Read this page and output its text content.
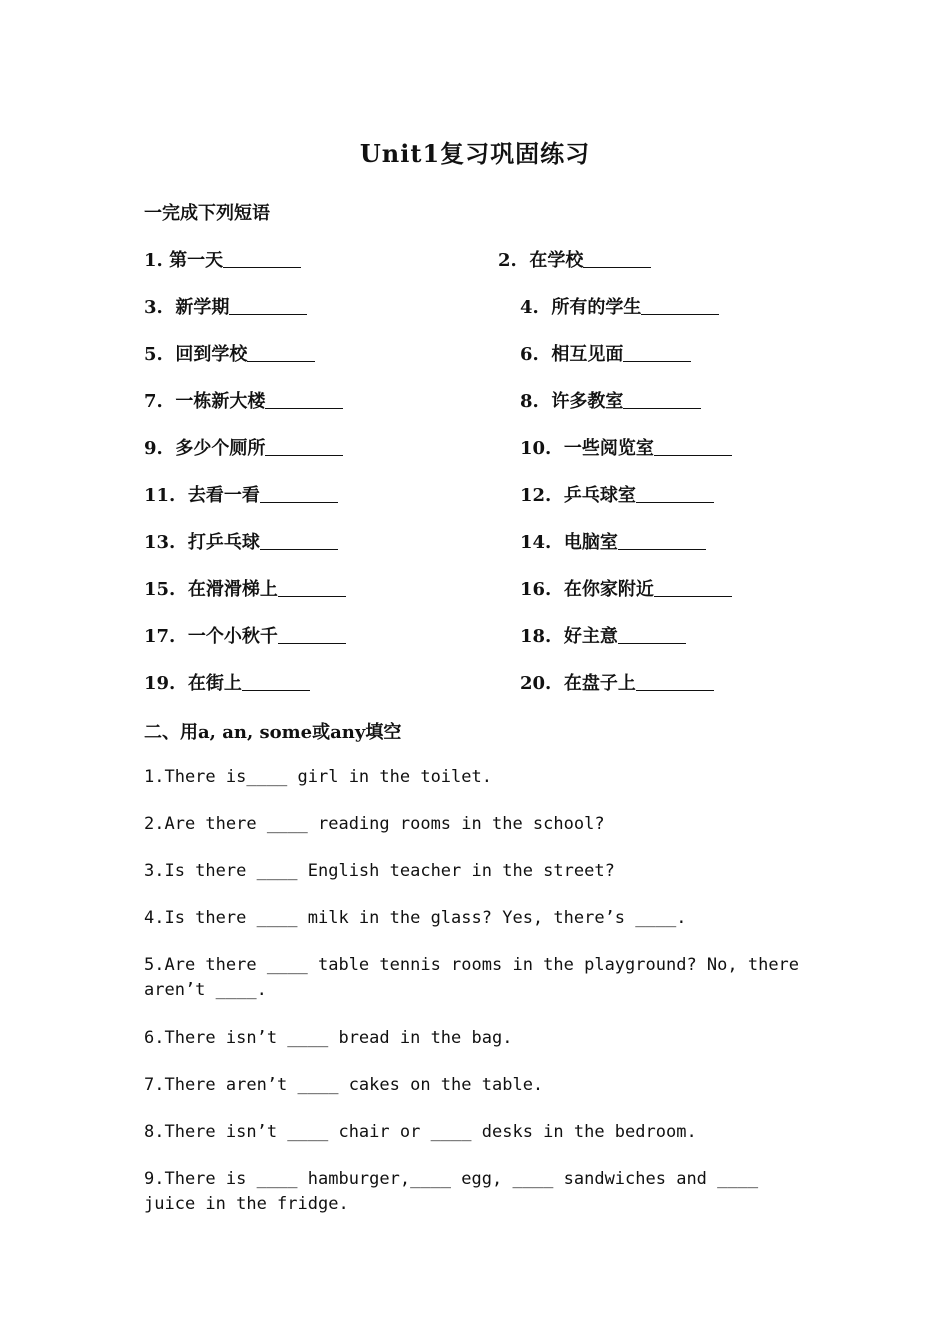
Unit1复习巩固练习
一完成下列短语
1. 第一天	2. 在学校
3. 新学期	4. 所有的学生
5. 回到学校	6. 相互见面
7. 一栋新大楼	8. 许多教室
9. 多少个厕所	10. 一些阅览室
11. 去看一看	12. 乒乓球室
13. 打乒乓球	14. 电脑室
15. 在滑滑梯上	16. 在你家附近
17. 一个小秋千	18. 好主意
19. 在街上	20. 在盘子上
二、用a, an, some或any填空
1.There is____ girl in the toilet.
2.Are there ____ reading rooms in the school?
3.Is there ____ English teacher in the street?
4.Is there ____ milk in the glass? Yes, there’s ____.
5.Are there ____ table tennis rooms in the playground? No, there aren’t ____.
6.There isn’t ____ bread in the bag.
7.There aren’t ____ cakes on the table.
8.There isn’t ____ chair or ____ desks in the bedroom.
9.There is ____ hamburger,____ egg, ____ sandwiches and ____ juice in the fridge.
